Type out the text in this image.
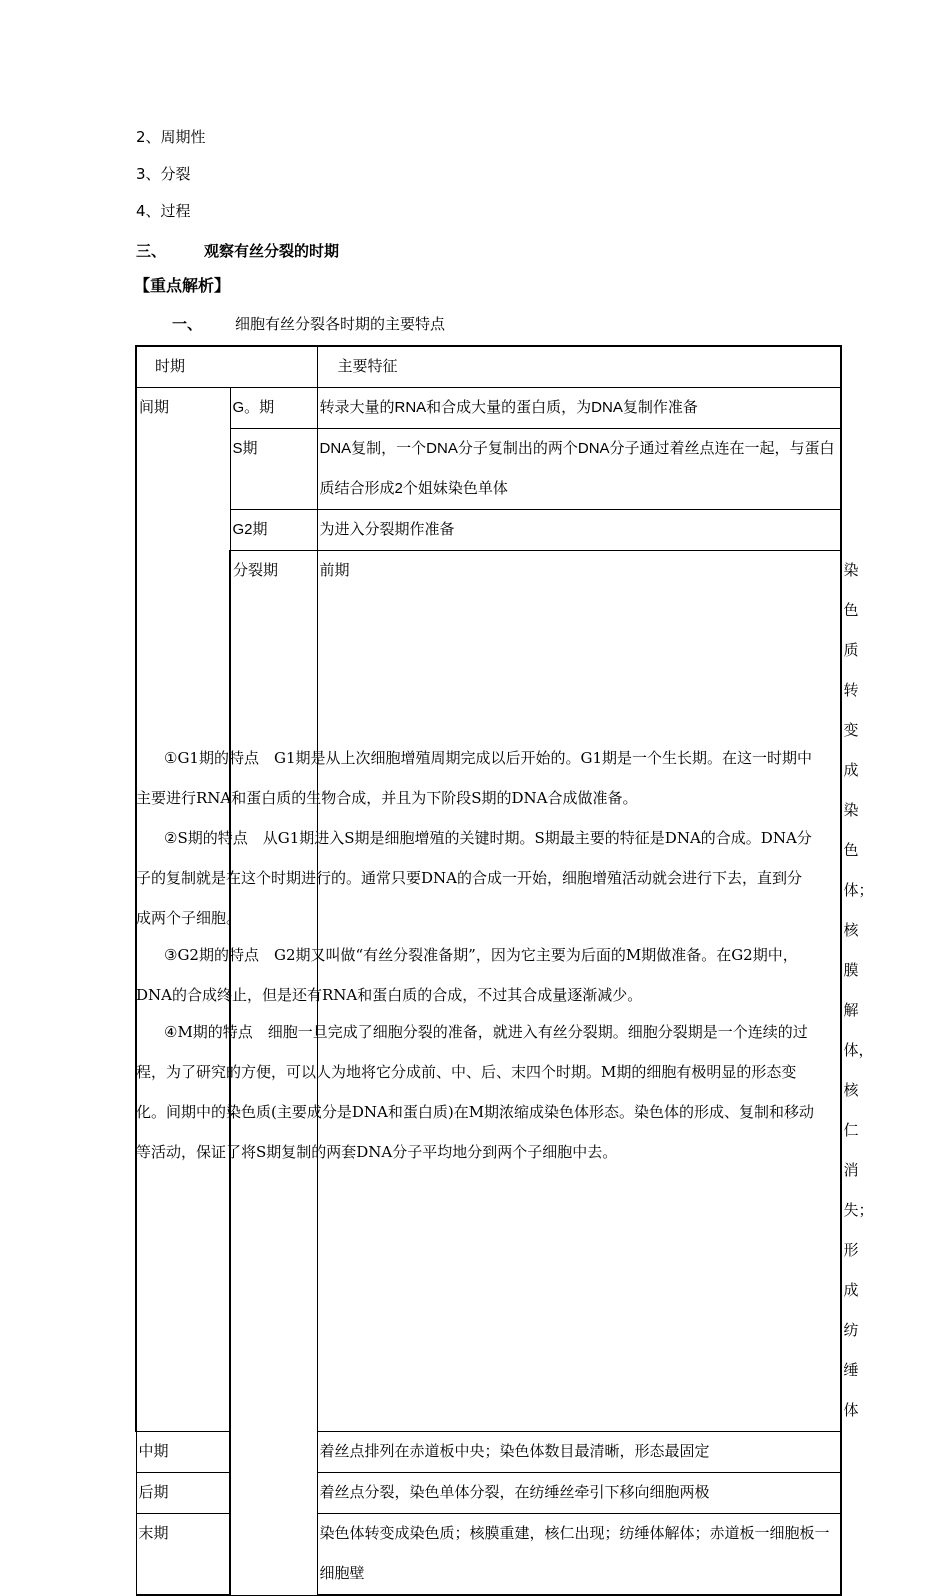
2、周期性
3、分裂
4、过程
三、	观察有丝分裂的时期
【重点解析】
一、 细胞有丝分裂各时期的主要特点
时期		主要特征	
间期	G。期	转录大量的RNA和合成大量的蛋白质，为DNA复制作准备	
	S期	DNA复制，一个DNA分子复制出的两个DNA分子通过着丝点连在一起，与蛋白质结合形成2个姐妹染色单体	
	G2期	为进入分裂期作准备	
	分裂期	前期	染色质转变成染色体；核膜解体，核仁消失；形成纺缍体
中期		着丝点排列在赤道板中央；染色体数目最清晰，形态最固定	
后期		着丝点分裂，染色单体分裂，在纺缍丝牵引下移向细胞两极	
末期		染色体转变成染色质；核膜重建，核仁出现；纺缍体解体；赤道板一细胞板一细胞壁	
①G1期的特点　G1期是从上次细胞增殖周期完成以后开始的。G1期是一个生长期。在这一时期中主要进行RNA和蛋白质的生物合成，并且为下阶段S期的DNA合成做准备。
②S期的特点　从G1期进入S期是细胞增殖的关键时期。S期最主要的特征是DNA的合成。DNA分子的复制就是在这个时期进行的。通常只要DNA的合成一开始，细胞增殖活动就会进行下去，直到分成两个子细胞。
③G2期的特点　G2期又叫做“有丝分裂准备期”，因为它主要为后面的M期做准备。在G2期中，DNA的合成终止，但是还有RNA和蛋白质的合成，不过其合成量逐渐减少。
④M期的特点　细胞一旦完成了细胞分裂的准备，就进入有丝分裂期。细胞分裂期是一个连续的过程，为了研究的方便，可以人为地将它分成前、中、后、末四个时期。M期的细胞有极明显的形态变化。间期中的染色质(主要成分是DNA和蛋白质)在M期浓缩成染色体形态。染色体的形成、复制和移动等活动，保证了将S期复制的两套DNA分子平均地分到两个子细胞中去。
